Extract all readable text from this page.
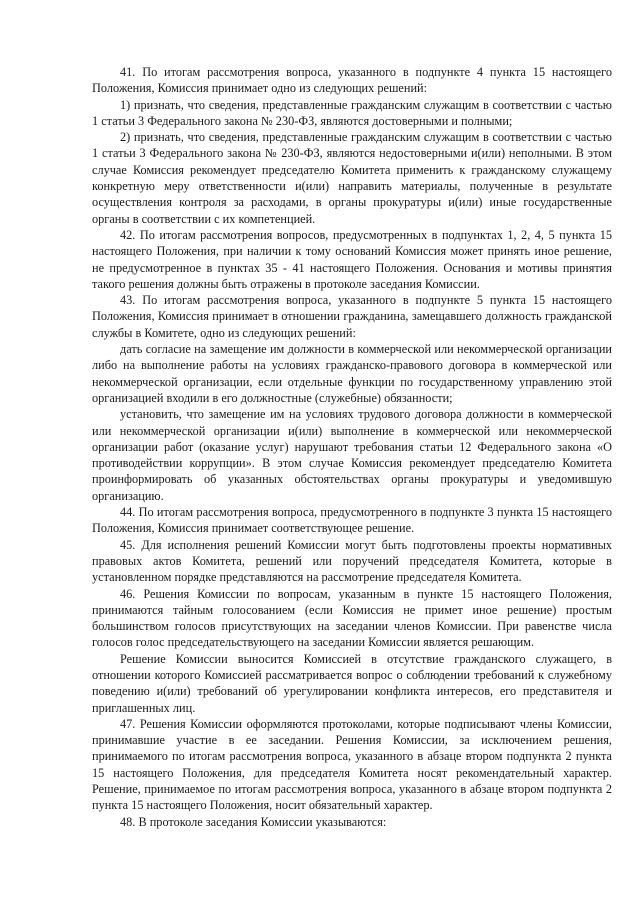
41. По итогам рассмотрения вопроса, указанного в подпункте 4 пункта 15 настоящего Положения, Комиссия принимает одно из следующих решений:

1) признать, что сведения, представленные гражданским служащим в соответствии с частью 1 статьи 3 Федерального закона № 230-ФЗ, являются достоверными и полными;

2) признать, что сведения, представленные гражданским служащим в соответствии с частью 1 статьи 3 Федерального закона № 230-ФЗ, являются недостоверными и(или) неполными. В этом случае Комиссия рекомендует председателю Комитета применить к гражданскому служащему конкретную меру ответственности и(или) направить материалы, полученные в результате осуществления контроля за расходами, в органы прокуратуры и(или) иные государственные органы в соответствии с их компетенцией.

42. По итогам рассмотрения вопросов, предусмотренных в подпунктах 1, 2, 4, 5 пункта 15 настоящего Положения, при наличии к тому оснований Комиссия может принять иное решение, не предусмотренное в пунктах 35 - 41 настоящего Положения. Основания и мотивы принятия такого решения должны быть отражены в протоколе заседания Комиссии.

43. По итогам рассмотрения вопроса, указанного в подпункте 5 пункта 15 настоящего Положения, Комиссия принимает в отношении гражданина, замещавшего должность гражданской службы в Комитете, одно из следующих решений:

дать согласие на замещение им должности в коммерческой или некоммерческой организации либо на выполнение работы на условиях гражданско-правового договора в коммерческой или некоммерческой организации, если отдельные функции по государственному управлению этой организацией входили в его должностные (служебные) обязанности;

установить, что замещение им на условиях трудового договора должности в коммерческой или некоммерческой организации и(или) выполнение в коммерческой или некоммерческой организации работ (оказание услуг) нарушают требования статьи 12 Федерального закона «О противодействии коррупции». В этом случае Комиссия рекомендует председателю Комитета проинформировать об указанных обстоятельствах органы прокуратуры и уведомившую организацию.

44. По итогам рассмотрения вопроса, предусмотренного в подпункте 3 пункта 15 настоящего Положения, Комиссия принимает соответствующее решение.

45. Для исполнения решений Комиссии могут быть подготовлены проекты нормативных правовых актов Комитета, решений или поручений председателя Комитета, которые в установленном порядке представляются на рассмотрение председателя Комитета.

46. Решения Комиссии по вопросам, указанным в пункте 15 настоящего Положения, принимаются тайным голосованием (если Комиссия не примет иное решение) простым большинством голосов присутствующих на заседании членов Комиссии. При равенстве числа голосов голос председательствующего на заседании Комиссии является решающим.

Решение Комиссии выносится Комиссией в отсутствие гражданского служащего, в отношении которого Комиссией рассматривается вопрос о соблюдении требований к служебному поведению и(или) требований об урегулировании конфликта интересов, его представителя и приглашенных лиц.

47. Решения Комиссии оформляются протоколами, которые подписывают члены Комиссии, принимавшие участие в ее заседании. Решения Комиссии, за исключением решения, принимаемого по итогам рассмотрения вопроса, указанного в абзаце втором подпункта 2 пункта 15 настоящего Положения, для председателя Комитета носят рекомендательный характер. Решение, принимаемое по итогам рассмотрения вопроса, указанного в абзаце втором подпункта 2 пункта 15 настоящего Положения, носит обязательный характер.

48. В протоколе заседания Комиссии указываются:
